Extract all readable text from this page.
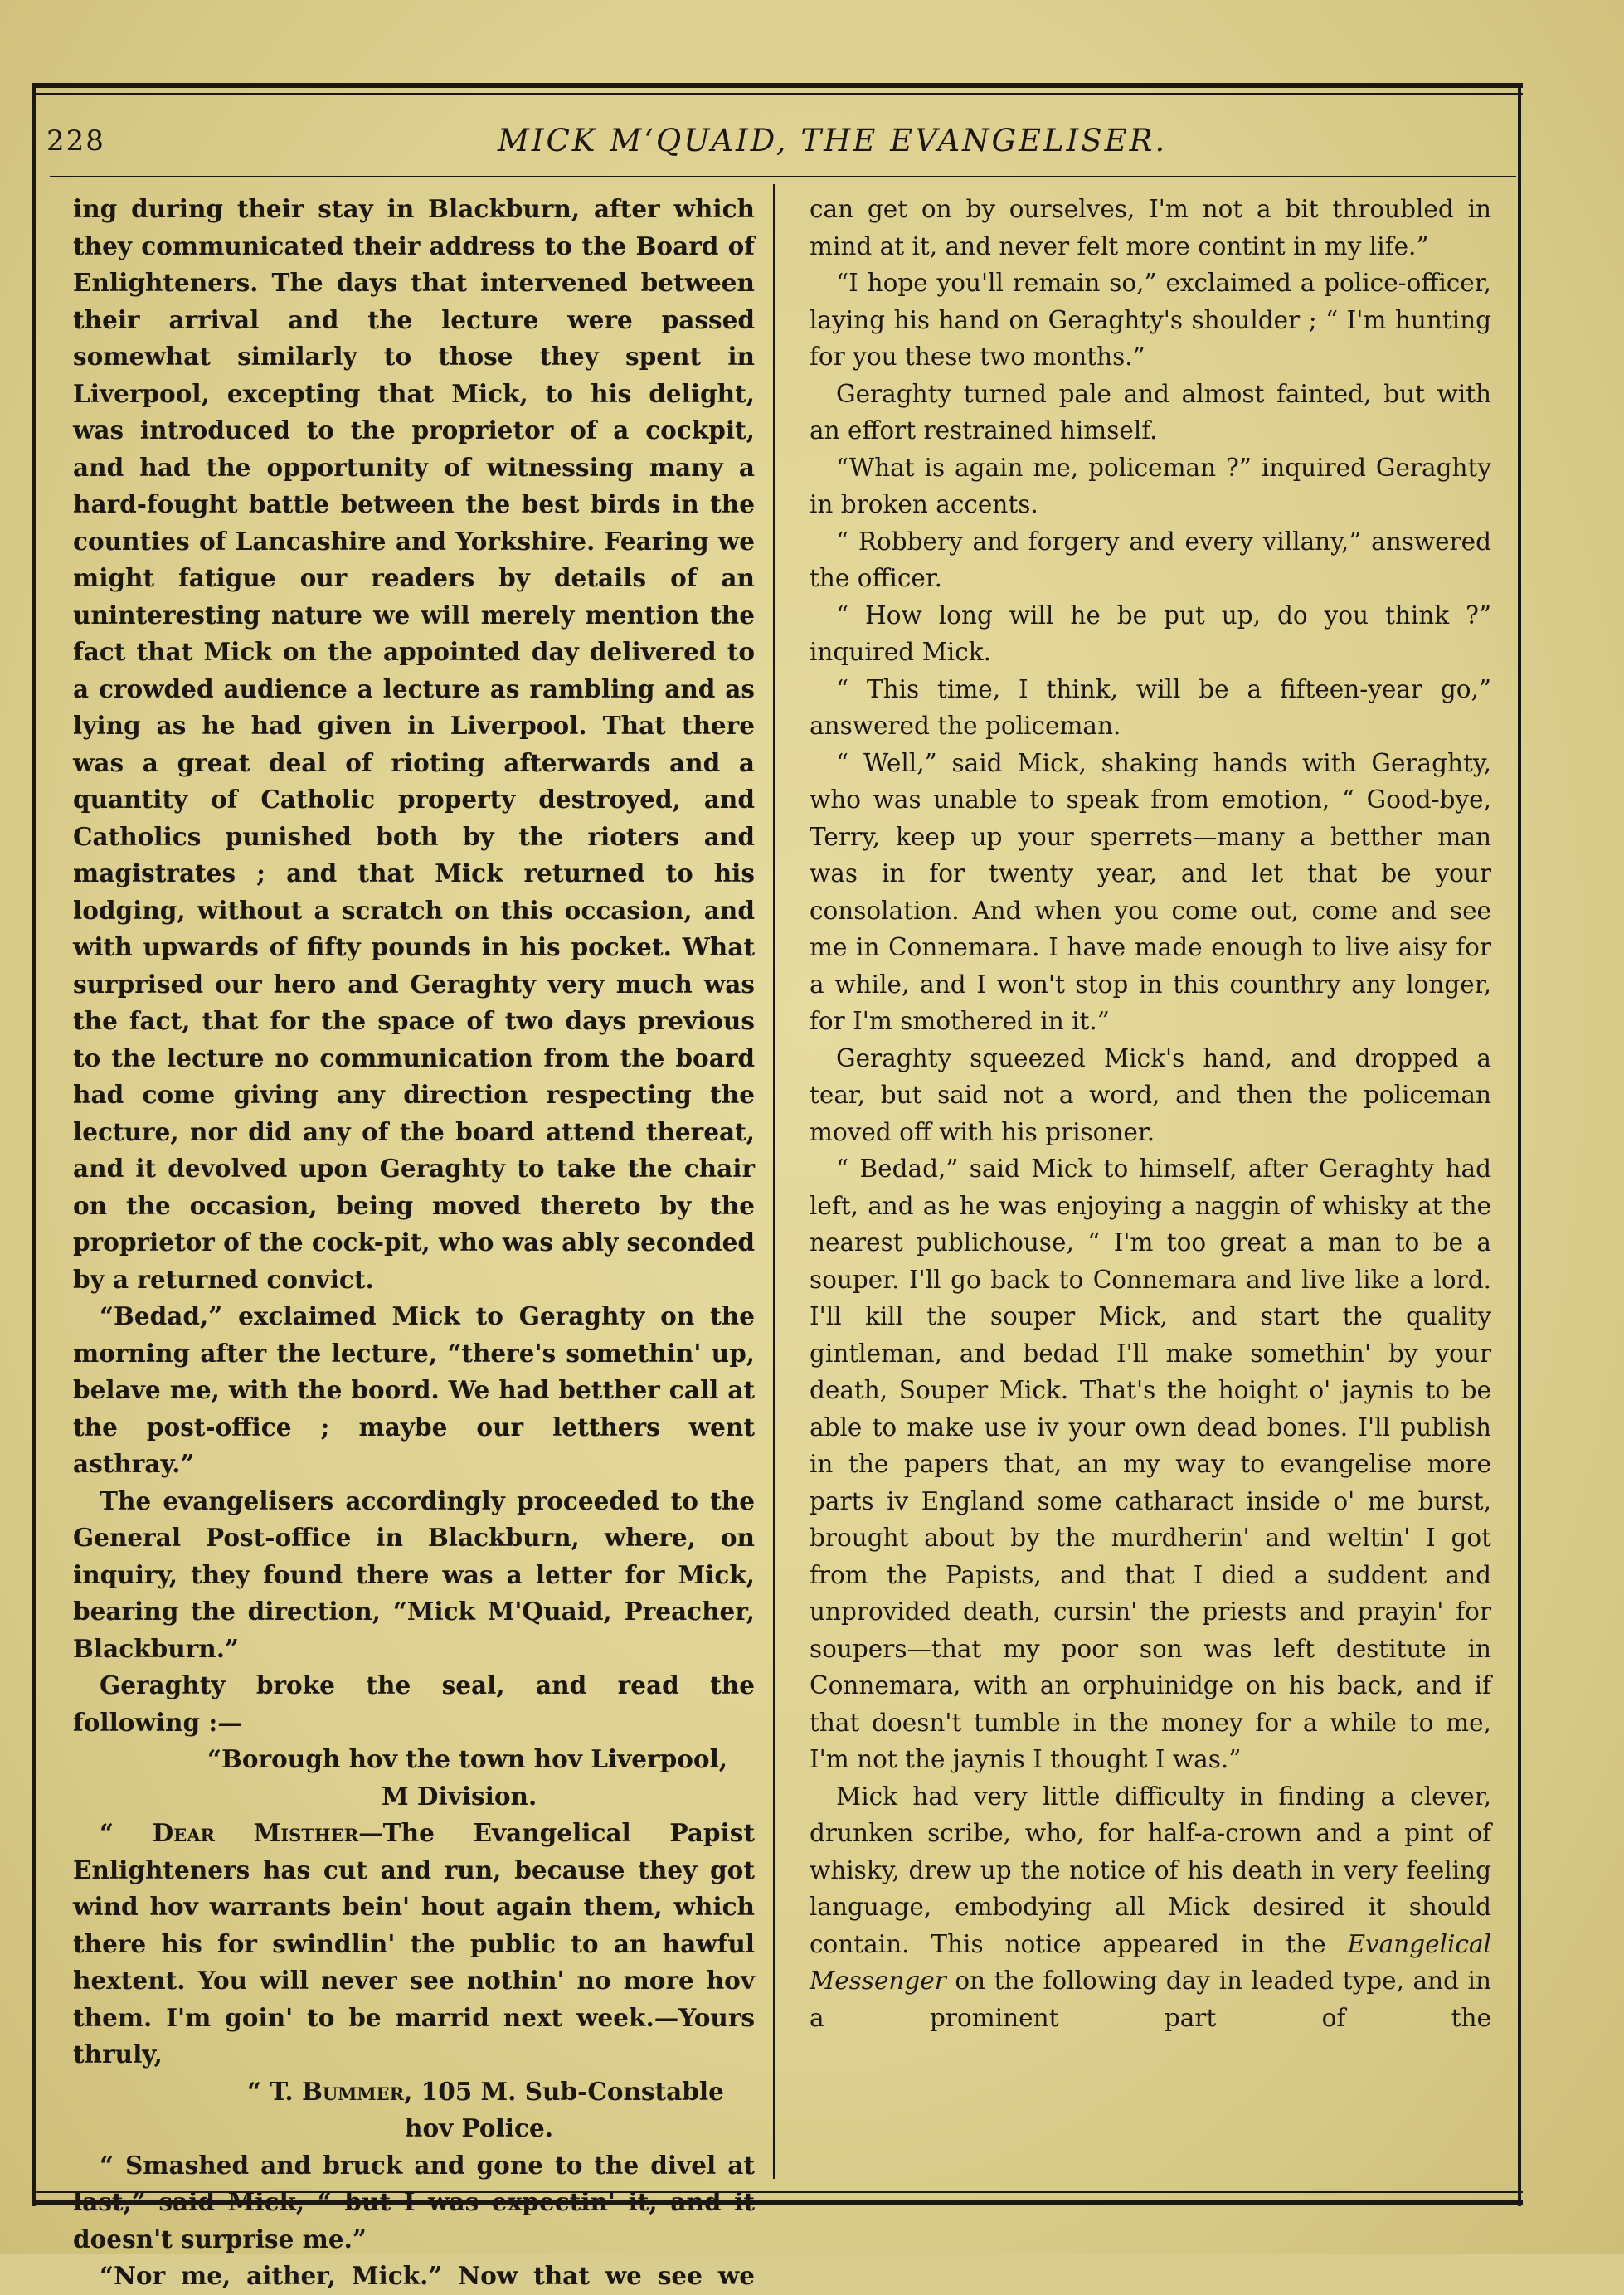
228	MICK M‘QUAID, THE EVANGELISER.

ing during their stay in Blackburn, after which they communicated their address to the Board of Enlighteners. The days that intervened between their arrival and the lecture were passed somewhat similarly to those they spent in Liverpool, excepting that Mick, to his delight, was introduced to the proprietor of a cockpit, and had the opportunity of witnessing many a hard-fought battle between the best birds in the counties of Lancashire and Yorkshire. Fearing we might fatigue our readers by details of an uninteresting nature we will merely mention the fact that Mick on the appointed day delivered to a crowded audience a lecture as rambling and as lying as he had given in Liverpool. That there was a great deal of rioting afterwards and a quantity of Catholic property destroyed, and Catholics punished both by the rioters and magistrates ; and that Mick returned to his lodging, without a scratch on this occasion, and with upwards of fifty pounds in his pocket. What surprised our hero and Geraghty very much was the fact, that for the space of two days previous to the lecture no communication from the board had come giving any direction respecting the lecture, nor did any of the board attend thereat, and it devolved upon Geraghty to take the chair on the occasion, being moved thereto by the proprietor of the cock-pit, who was ably seconded by a returned convict.

“Bedad,” exclaimed Mick to Geraghty on the morning after the lecture, “there's somethin' up, belave me, with the boord. We had betther call at the post-office ; maybe our letthers went asthray.”

The evangelisers accordingly proceeded to the General Post-office in Blackburn, where, on inquiry, they found there was a letter for Mick, bearing the direction, “Mick M'Quaid, Preacher, Blackburn.”

Geraghty broke the seal, and read the following :—

“Borough hov the town hov Liverpool,

M Division.

“ Dear Misther—The Evangelical Papist Enlighteners has cut and run, because they got wind hov warrants bein' hout again them, which there his for swindlin' the public to an hawful hextent. You will never see nothin' no more hov them. I'm goin' to be marrid next week.—Yours thruly,

“ T. Bummer, 105 M. Sub-Constable

hov Police.

“ Smashed and bruck and gone to the divel at last,” said Mick, “ but I was expectin' it, and it doesn't surprise me.”

“Nor me, aither, Mick.” Now that we see we

can get on by ourselves, I'm not a bit throubled in mind at it, and never felt more contint in my life.”

“I hope you'll remain so,” exclaimed a police-officer, laying his hand on Geraghty's shoulder ; “ I'm hunting for you these two months.”

Geraghty turned pale and almost fainted, but with an effort restrained himself.

“What is again me, policeman ?” inquired Geraghty in broken accents.

“ Robbery and forgery and every villany,” answered the officer.

“ How long will he be put up, do you think ?” inquired Mick.

“ This time, I think, will be a fifteen-year go,” answered the policeman.

“ Well,” said Mick, shaking hands with Geraghty, who was unable to speak from emotion, “ Good-bye, Terry, keep up your sperrets—many a betther man was in for twenty year, and let that be your consolation. And when you come out, come and see me in Connemara. I have made enough to live aisy for a while, and I won't stop in this counthry any longer, for I'm smothered in it.”

Geraghty squeezed Mick's hand, and dropped a tear, but said not a word, and then the policeman moved off with his prisoner.

“ Bedad,” said Mick to himself, after Geraghty had left, and as he was enjoying a naggin of whisky at the nearest publichouse, “ I'm too great a man to be a souper. I'll go back to Connemara and live like a lord. I'll kill the souper Mick, and start the quality gintleman, and bedad I'll make somethin' by your death, Souper Mick. That's the hoight o' jaynis to be able to make use iv your own dead bones. I'll publish in the papers that, an my way to evangelise more parts iv England some catharact inside o' me burst, brought about by the murdherin' and weltin' I got from the Papists, and that I died a suddent and unprovided death, cursin' the priests and prayin' for soupers—that my poor son was left destitute in Connemara, with an orphuinidge on his back, and if that doesn't tumble in the money for a while to me, I'm not the jaynis I thought I was.”

Mick had very little difficulty in finding a clever, drunken scribe, who, for half-a-crown and a pint of whisky, drew up the notice of his death in very feeling language, embodying all Mick desired it should contain. This notice appeared in the Evangelical Messenger on the following day in leaded type, and in a prominent part of the
